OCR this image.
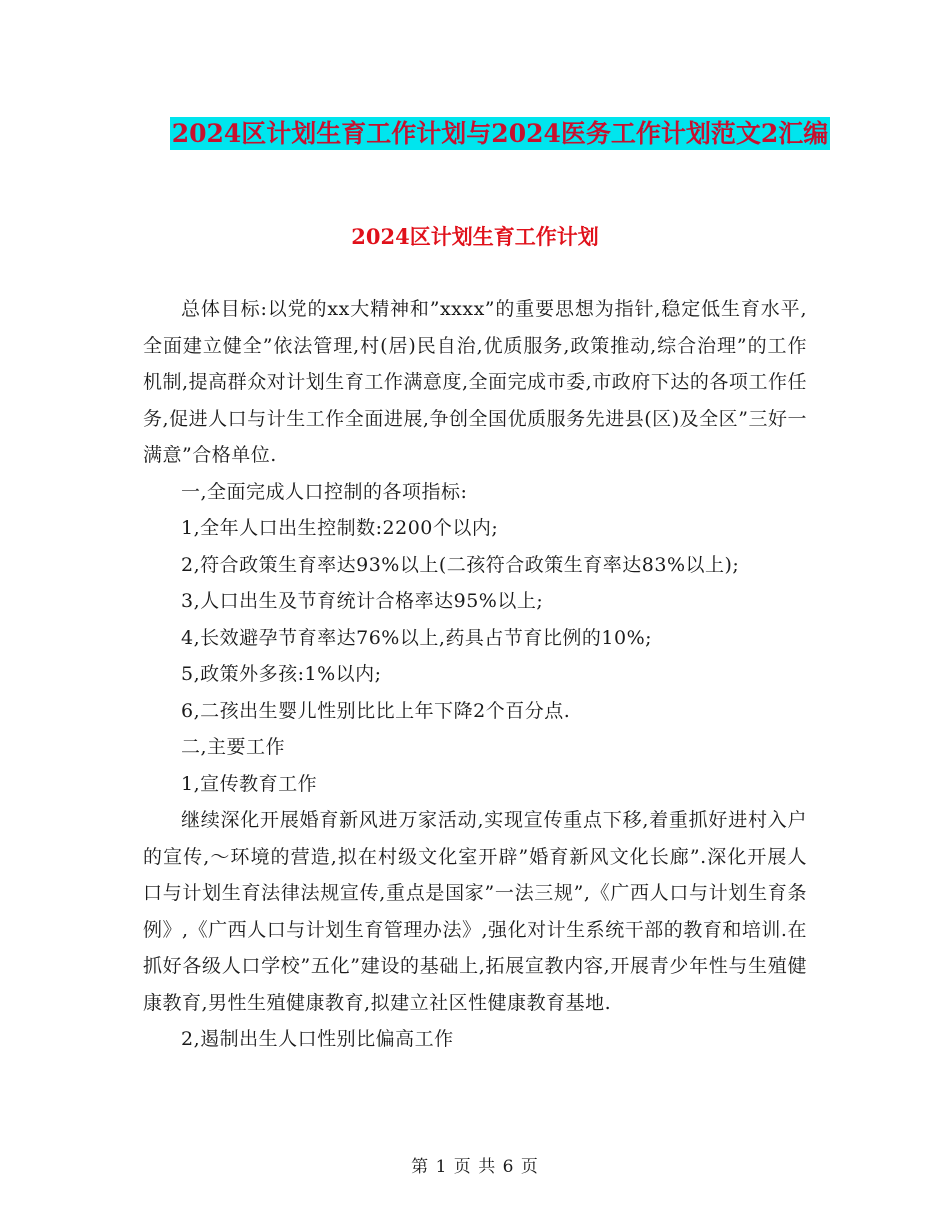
2024区计划生育工作计划与2024医务工作计划范文2汇编
2024区计划生育工作计划

总体目标:以党的xx大精神和”xxxx”的重要思想为指针,稳定低生育水平,全面建立健全”依法管理,村(居)民自治,优质服务,政策推动,综合治理”的工作机制,提高群众对计划生育工作满意度,全面完成市委,市政府下达的各项工作任务,促进人口与计生工作全面进展,争创全国优质服务先进县(区)及全区”三好一满意”合格单位.

一,全面完成人口控制的各项指标:

1,全年人口出生控制数:2200个以内;

2,符合政策生育率达93%以上(二孩符合政策生育率达83%以上);

3,人口出生及节育统计合格率达95%以上;

4,长效避孕节育率达76%以上,药具占节育比例的10%;

5,政策外多孩:1%以内;

6,二孩出生婴儿性别比比上年下降2个百分点.

二,主要工作

1,宣传教育工作

继续深化开展婚育新风进万家活动,实现宣传重点下移,着重抓好进村入户的宣传,～环境的营造,拟在村级文化室开辟”婚育新风文化长廊”.深化开展人口与计划生育法律法规宣传,重点是国家”一法三规”,《广西人口与计划生育条例》,《广西人口与计划生育管理办法》,强化对计生系统干部的教育和培训.在抓好各级人口学校”五化”建设的基础上,拓展宣教内容,开展青少年性与生殖健康教育,男性生殖健康教育,拟建立社区性健康教育基地.

2,遏制出生人口性别比偏高工作

第 1 页 共 6 页
